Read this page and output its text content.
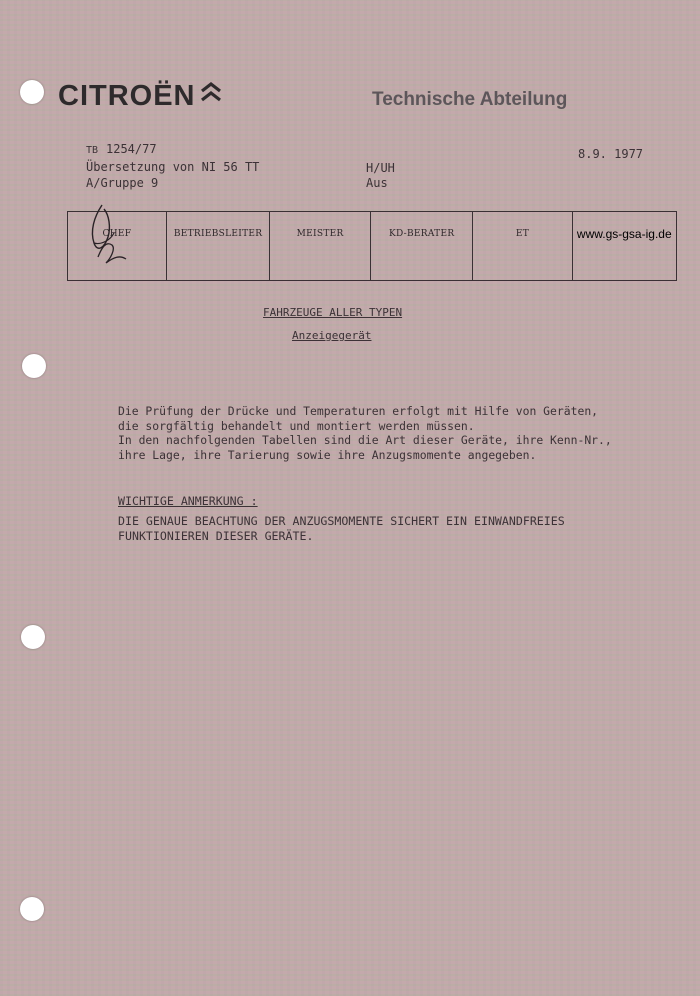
CITROËN	Technische Abteilung
TB 1254/77
Übersetzung von NI 56 TT
A/Gruppe 9
H/UH
Aus
8.9. 1977
CHEF	BETRIEBSLEITER	MEISTER	KD-BERATER	ET	www.gs-gsa-ig.de
FAHRZEUGE ALLER TYPEN
Anzeigegerät
Die Prüfung der Drücke und Temperaturen erfolgt mit Hilfe von Geräten,
die sorgfältig behandelt und montiert werden müssen.
In den nachfolgenden Tabellen sind die Art dieser Geräte, ihre Kenn-Nr.,
ihre Lage, ihre Tarierung sowie ihre Anzugsmomente angegeben.
WICHTIGE ANMERKUNG :
DIE GENAUE BEACHTUNG DER ANZUGSMOMENTE SICHERT EIN EINWANDFREIES
FUNKTIONIEREN DIESER GERÄTE.
